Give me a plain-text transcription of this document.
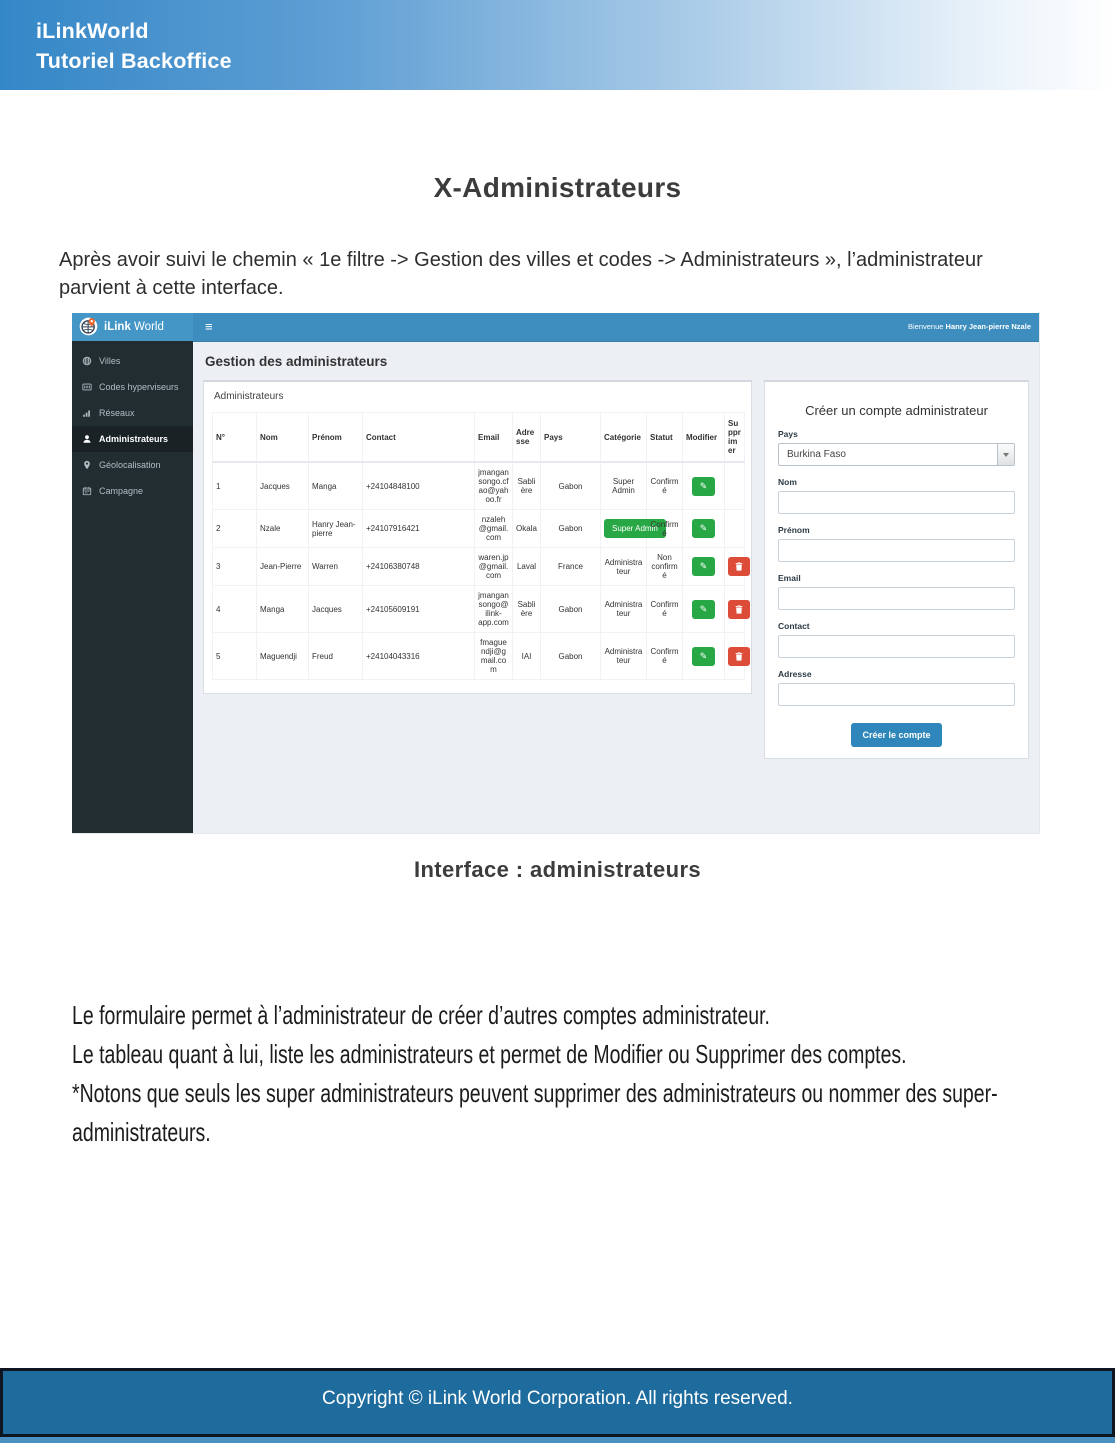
iLinkWorld
Tutoriel Backoffice
X-Administrateurs

Après avoir suivi le chemin « 1e filtre -> Gestion des villes et codes -> Administrateurs », l’administrateur parvient à cette interface.

iLink World	≡	Bienvenue Hanry Jean-pierre Nzale
Villes
Codes hyperviseurs
Réseaux
Administrateurs
Géolocalisation
Campagne
Gestion des administrateurs
Administrateurs
N°	Nom	Prénom	Contact	Email	Adresse	Pays	Catégorie	Statut	Modifier	Supprimer
1	Jacques	Manga	+24104848100	jmangansongo.cfao@yahoo.fr	Sablière	Gabon	Super Admin	Confirmé	✎	

2	Nzale	Hanry Jean-pierre	+24107916421	nzaleh@gmail.com	Okala	Gabon	Super Admin	Confirmé	✎	

3	Jean-Pierre	Warren	+24106380748	waren.jp@gmail.com	Laval	France	Administrateur	Non confirmé	✎

4	Manga	Jacques	+24105609191	jmangansongo@ilink-app.com	Sablière	Gabon	Administrateur	Confirmé	✎

5	Maguendji	Freud	+24104043316	fmaguendji@gmail.com	IAI	Gabon	Administrateur	Confirmé	✎

Créer un compte administrateur
Pays
Burkina Faso
Nom
Prénom
Email
Contact
Adresse
Créer le compte
Interface : administrateurs

Le formulaire permet à l’administrateur de créer d’autres comptes administrateur.

Le tableau quant à lui, liste les administrateurs et permet de Modifier ou Supprimer des comptes.

*Notons que seuls les super administrateurs peuvent supprimer des administrateurs ou nommer des super-administrateurs.

Copyright © iLink World Corporation. All rights reserved.
